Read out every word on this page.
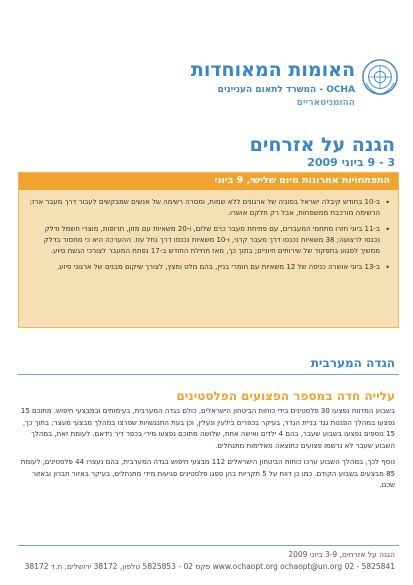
האומות המאוחדות
OCHA - המשרד לתאום העניינים
ההומניטאריים
הגנה על אזרחים
3 - 9 ביוני 2009
התפתחויות אחרונות מיום שלישי, 9 ביוני
•
ב-10 בחודש קיבלה ישראל בסוגיה של ארגונים ללא שמות, ומסרה רשימה של אנשים שמבקשים לעבור דרך מעבר ארז; הרשימה מורכבת ממשפחות, אבל רק חלקם אושרו.
•
ב-11 ביוני חזרו מתחמי המעברים, עם פתיחת מעבר כרם שלום, ו-20 משאיות עם מזון, תרופות, מוצרי חשמל ודלק נכנסו לרצועה; 38 משאיות נכנסו דרך מעבר קרני, ו-10 משאיות נכנסו דרך נחל עוז. ההערכה היא כי מחסור בדלק ממשיך לפגוע בתפקוד של שירותים חיוניים; בתוך כך, מאז תחילת החודש ב-17 נפתח המעבר לצורכי הגשת סיוע.
•
ב-13 ביוני אושרה כניסה של 12 משאיות עם חומרי בניין, בהם מלט וחצץ, לצורך שיקום מבנים של ארגוני סיוע.
הגדה המערבית
עלייה חדה במספר הפצועים הפלסטינים
בשבוע המדווח נפצעו 30 פלסטינים בידי כוחות הביטחון הישראלים, כולם בגדה המערבית, בעימותים ובמבצעי חיפוש. מתוכם 15 נפצעו במהלך הפגנות נגד בניית הגדר, בעיקר בכפרים בילעין ונעלין, וכן בעת התנגשויות שפרצו במהלך מבצעי מעצר; בתוך כך, 15 נוספים נפצעו בשבוע שעבר, בהם 4 ילדים ואישה אחת, שלושה מתוכם נפצעו מירי בכפר דיר נידאם. לעומת זאת, במהלך השבוע שעבר לא נרשמו פצועים כתוצאה מאלימות מתנחלים.
נוסף לכך, במהלך השבוע ערכו כוחות הביטחון הישראלים 112 מבצעי חיפוש בגדה המערבית, בהם נעצרו 44 פלסטינים, לעומת 85 מבצעים בשבוע הקודם. כמו כן דווח על 5 תקריות בהן ספגו פלסטינים פגיעות מידי מתנחלים, בעיקר באזור חברון ובאזור שכם.
הגנה על אזרחים, 3-9 ביוני 2009
www.ochaopt.org ochaopt@un.org 02 - 5825841 פקס 02 - 5825853 טלפון, 38172 ירושלים, ת.ד 38172
